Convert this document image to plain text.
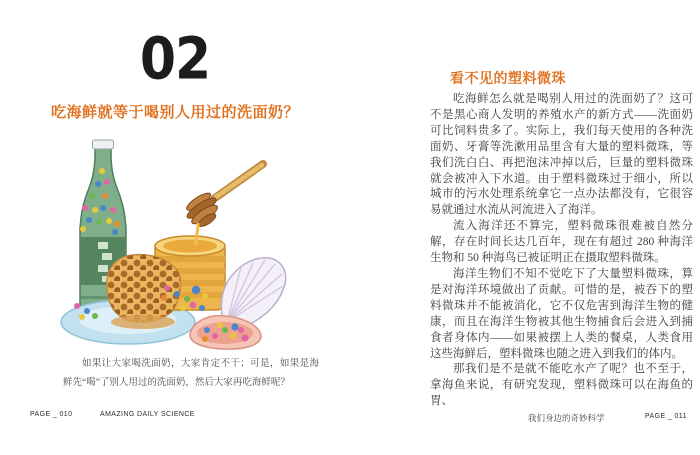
02
吃海鲜就等于喝别人用过的洗面奶？

如果让大家喝洗面奶，大家肯定不干；可是，如果是海鲜先“喝”了别人用过的洗面奶，然后大家再吃海鲜呢？

PAGE _ 010	AMAZING DAILY SCIENCE
看不见的塑料微珠

吃海鲜怎么就是喝别人用过的洗面奶了？这可不是黑心商人发明的养殖水产的新方式——洗面奶可比饲料贵多了。实际上，我们每天使用的各种洗面奶、牙膏等洗漱用品里含有大量的塑料微珠，等我们洗白白、再把泡沫冲掉以后，巨量的塑料微珠就会被冲入下水道。由于塑料微珠过于细小，所以城市的污水处理系统拿它一点办法都没有，它很容易就通过水流从河流进入了海洋。

流入海洋还不算完，塑料微珠很难被自然分解，存在时间长达几百年，现在有超过 280 种海洋生物和 50 种海鸟已被证明正在摄取塑料微珠。

海洋生物们不知不觉吃下了大量塑料微珠，算是对海洋环境做出了贡献。可惜的是，被吞下的塑料微珠并不能被消化，它不仅危害到海洋生物的健康，而且在海洋生物被其他生物捕食后会进入到捕食者身体内——如果被摆上人类的餐桌，人类食用这些海鲜后，塑料微珠也随之进入到我们的体内。

那我们是不是就不能吃水产了呢？也不至于，拿海鱼来说，有研究发现，塑料微珠可以在海鱼的胃、

我们身边的奇妙科学	PAGE _ 011
